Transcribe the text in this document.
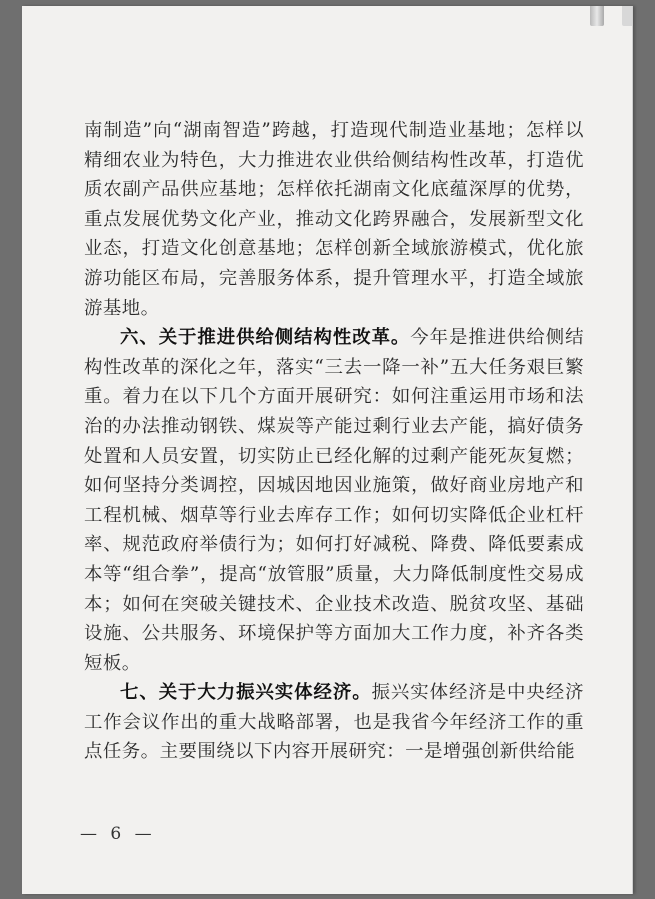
南制造”向“湖南智造”跨越，打造现代制造业基地；怎样以精细农业为特色，大力推进农业供给侧结构性改革，打造优质农副产品供应基地；怎样依托湖南文化底蕴深厚的优势，重点发展优势文化产业，推动文化跨界融合，发展新型文化业态，打造文化创意基地；怎样创新全域旅游模式，优化旅游功能区布局，完善服务体系，提升管理水平，打造全域旅游基地。

六、关于推进供给侧结构性改革。今年是推进供给侧结构性改革的深化之年，落实“三去一降一补”五大任务艰巨繁重。着力在以下几个方面开展研究：如何注重运用市场和法治的办法推动钢铁、煤炭等产能过剩行业去产能，搞好债务处置和人员安置，切实防止已经化解的过剩产能死灰复燃；如何坚持分类调控，因城因地因业施策，做好商业房地产和工程机械、烟草等行业去库存工作；如何切实降低企业杠杆率、规范政府举债行为；如何打好减税、降费、降低要素成本等“组合拳”，提高“放管服”质量，大力降低制度性交易成本；如何在突破关键技术、企业技术改造、脱贫攻坚、基础设施、公共服务、环境保护等方面加大工作力度，补齐各类短板。

七、关于大力振兴实体经济。振兴实体经济是中央经济工作会议作出的重大战略部署，也是我省今年经济工作的重点任务。主要围绕以下内容开展研究：一是增强创新供给能

— 6 —
